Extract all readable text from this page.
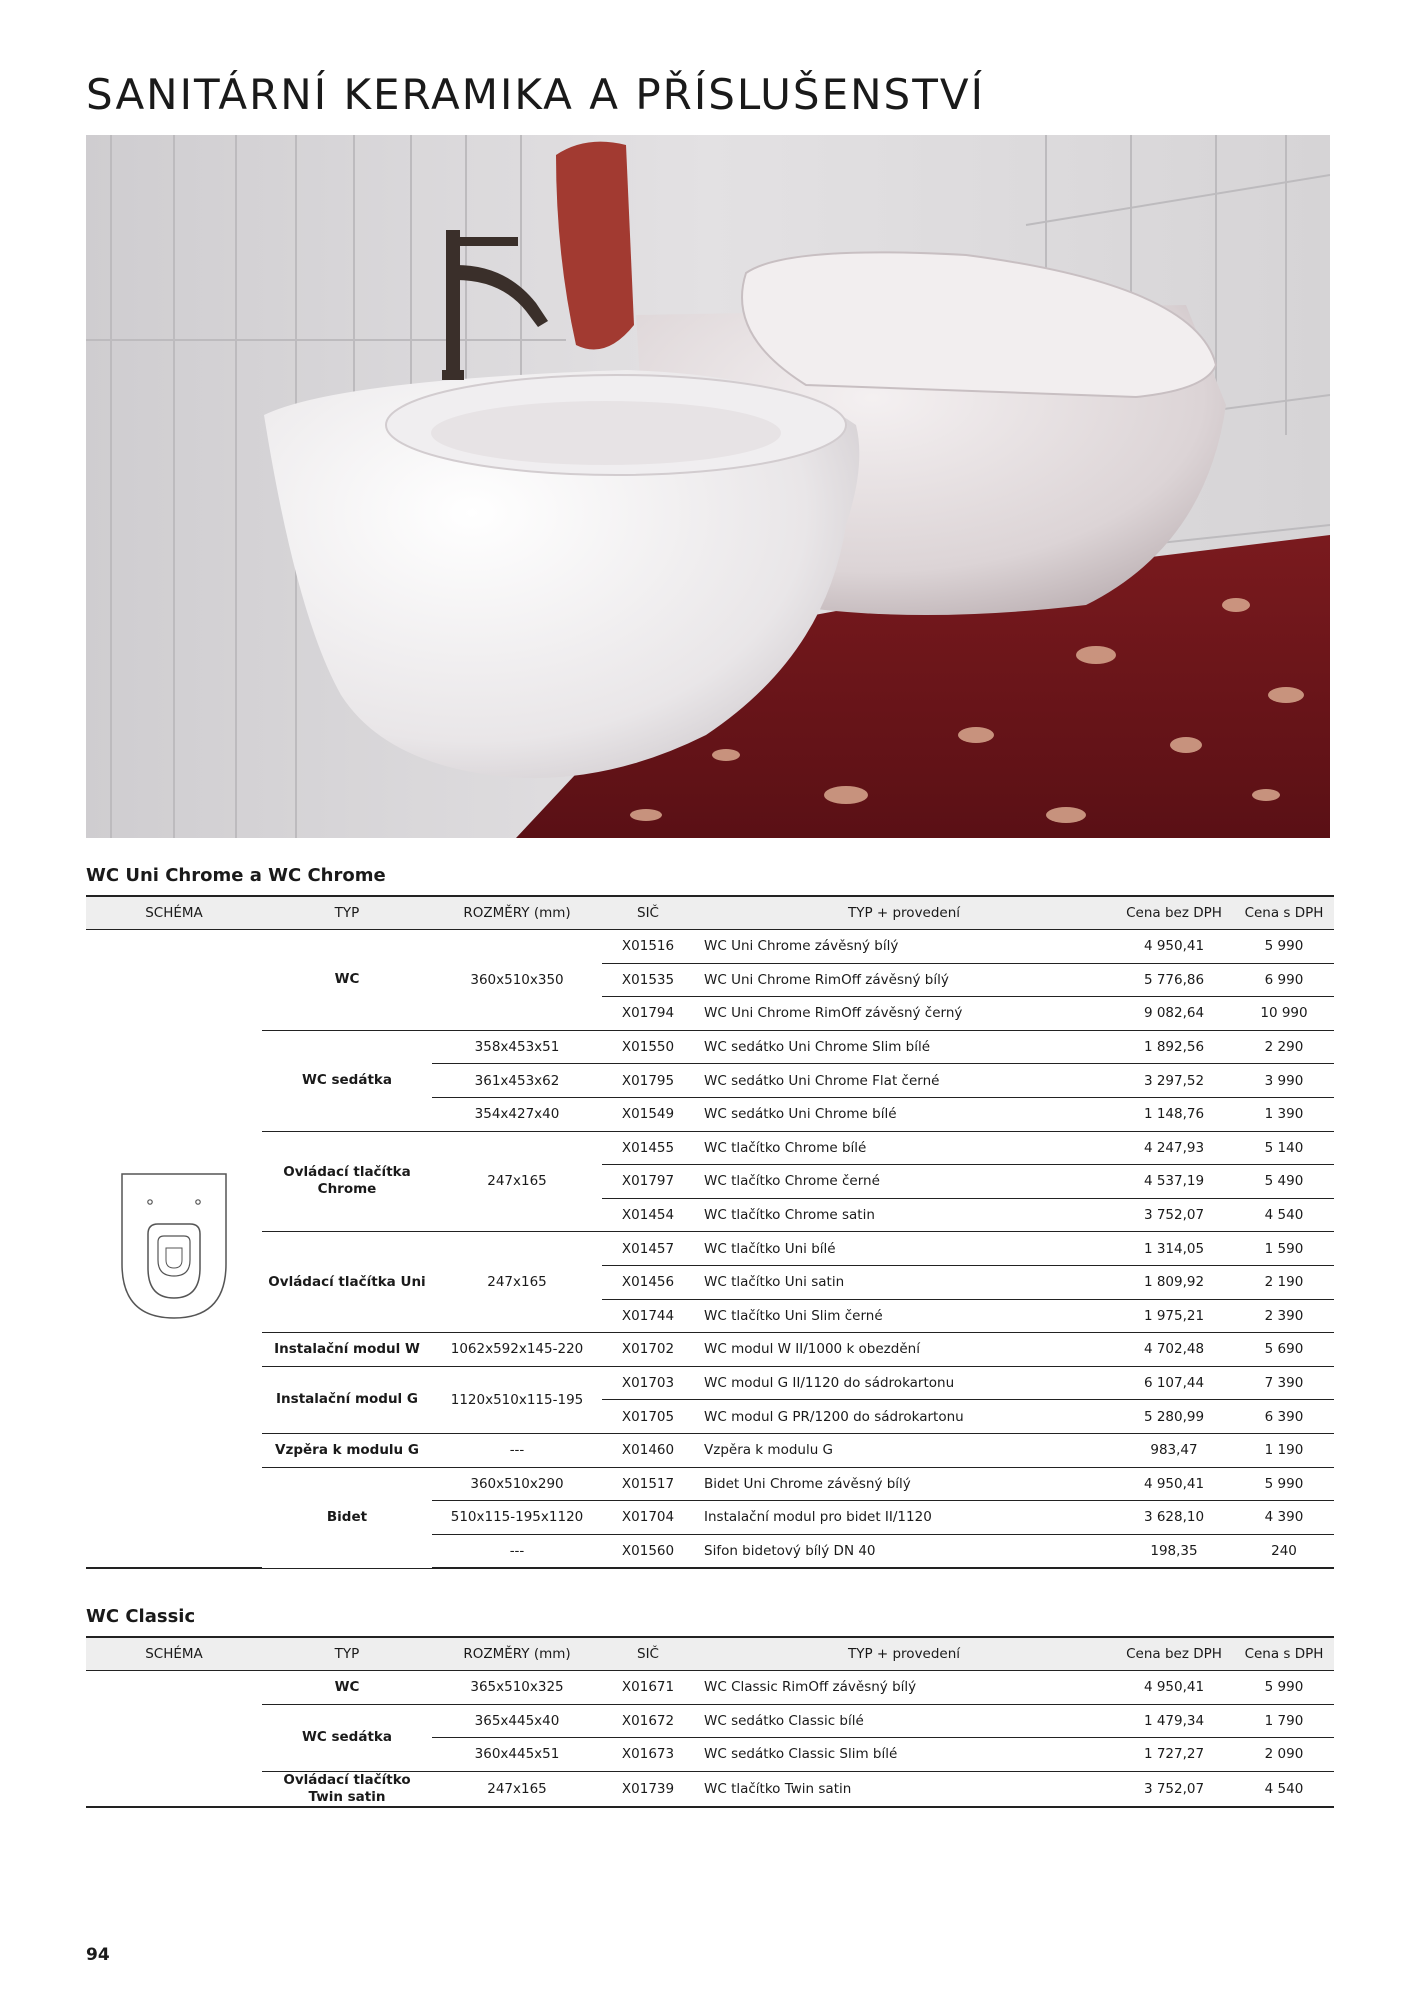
SANITÁRNÍ KERAMIKA A PŘÍSLUŠENSTVÍ
WC Uni Chrome a WC Chrome
SCHÉMA	TYP	ROZMĚRY (mm)	SIČ	TYP + provedení	Cena bez DPH	Cena s DPH
	WC	360x510x350	X01516	WC Uni Chrome závěsný bílý	4 950,41	5 990
			X01535	WC Uni Chrome RimOff závěsný bílý	5 776,86	6 990
			X01794	WC Uni Chrome RimOff závěsný černý	9 082,64	10 990
	WC sedátka	358x453x51	X01550	WC sedátko Uni Chrome Slim bílé	1 892,56	2 290
		361x453x62	X01795	WC sedátko Uni Chrome Flat černé	3 297,52	3 990
		354x427x40	X01549	WC sedátko Uni Chrome bílé	1 148,76	1 390
	Ovládací tlačítka Chrome	247x165	X01455	WC tlačítko Chrome bílé	4 247,93	5 140
			X01797	WC tlačítko Chrome černé	4 537,19	5 490
			X01454	WC tlačítko Chrome satin	3 752,07	4 540
	Ovládací tlačítka Uni	247x165	X01457	WC tlačítko Uni bílé	1 314,05	1 590
			X01456	WC tlačítko Uni satin	1 809,92	2 190
			X01744	WC tlačítko Uni Slim černé	1 975,21	2 390
	Instalační modul W	1062x592x145-220	X01702	WC modul W II/1000 k obezdění	4 702,48	5 690
	Instalační modul G	1120x510x115-195	X01703	WC modul G II/1120 do sádrokartonu	6 107,44	7 390
			X01705	WC modul G PR/1200 do sádrokartonu	5 280,99	6 390
	Vzpěra k modulu G	---	X01460	Vzpěra k modulu G	983,47	1 190
	Bidet	360x510x290	X01517	Bidet Uni Chrome závěsný bílý	4 950,41	5 990
		510x115-195x1120	X01704	Instalační modul pro bidet II/1120	3 628,10	4 390
		---	X01560	Sifon bidetový bílý DN 40	198,35	240
WC Classic
SCHÉMA	TYP	ROZMĚRY (mm)	SIČ	TYP + provedení	Cena bez DPH	Cena s DPH
	WC	365x510x325	X01671	WC Classic RimOff závěsný bílý	4 950,41	5 990
	WC sedátka	365x445x40	X01672	WC sedátko Classic bílé	1 479,34	1 790
		360x445x51	X01673	WC sedátko Classic Slim bílé	1 727,27	2 090
	Ovládací tlačítko Twin satin	247x165	X01739	WC tlačítko Twin satin	3 752,07	4 540
94
